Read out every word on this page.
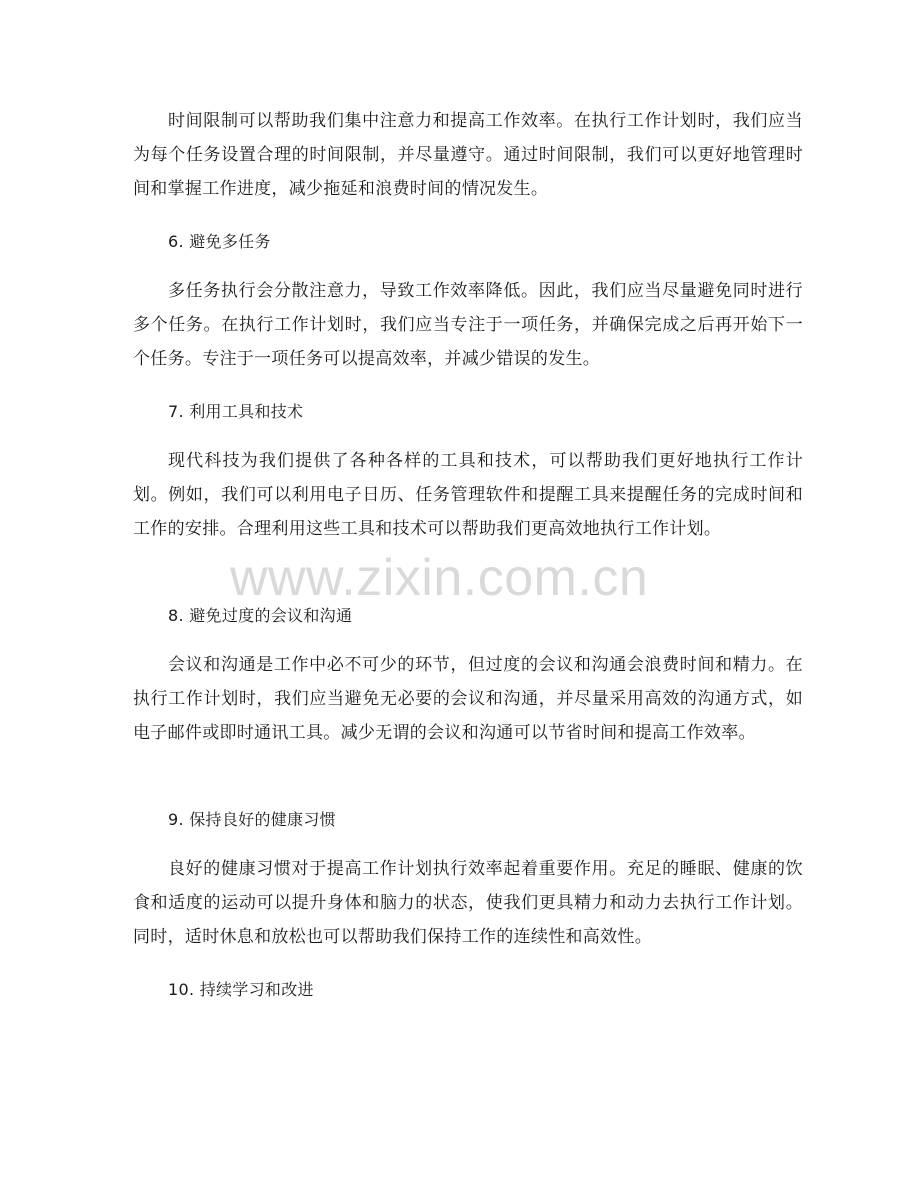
www.zixin.com.cn

时间限制可以帮助我们集中注意力和提高工作效率。在执行工作计划时，我们应当为每个任务设置合理的时间限制，并尽量遵守。通过时间限制，我们可以更好地管理时间和掌握工作进度，减少拖延和浪费时间的情况发生。

6. 避免多任务

多任务执行会分散注意力，导致工作效率降低。因此，我们应当尽量避免同时进行多个任务。在执行工作计划时，我们应当专注于一项任务，并确保完成之后再开始下一个任务。专注于一项任务可以提高效率，并减少错误的发生。

7. 利用工具和技术

现代科技为我们提供了各种各样的工具和技术，可以帮助我们更好地执行工作计划。例如，我们可以利用电子日历、任务管理软件和提醒工具来提醒任务的完成时间和工作的安排。合理利用这些工具和技术可以帮助我们更高效地执行工作计划。

8. 避免过度的会议和沟通

会议和沟通是工作中必不可少的环节，但过度的会议和沟通会浪费时间和精力。在执行工作计划时，我们应当避免无必要的会议和沟通，并尽量采用高效的沟通方式，如电子邮件或即时通讯工具。减少无谓的会议和沟通可以节省时间和提高工作效率。

9. 保持良好的健康习惯

良好的健康习惯对于提高工作计划执行效率起着重要作用。充足的睡眠、健康的饮食和适度的运动可以提升身体和脑力的状态，使我们更具精力和动力去执行工作计划。同时，适时休息和放松也可以帮助我们保持工作的连续性和高效性。

10. 持续学习和改进
